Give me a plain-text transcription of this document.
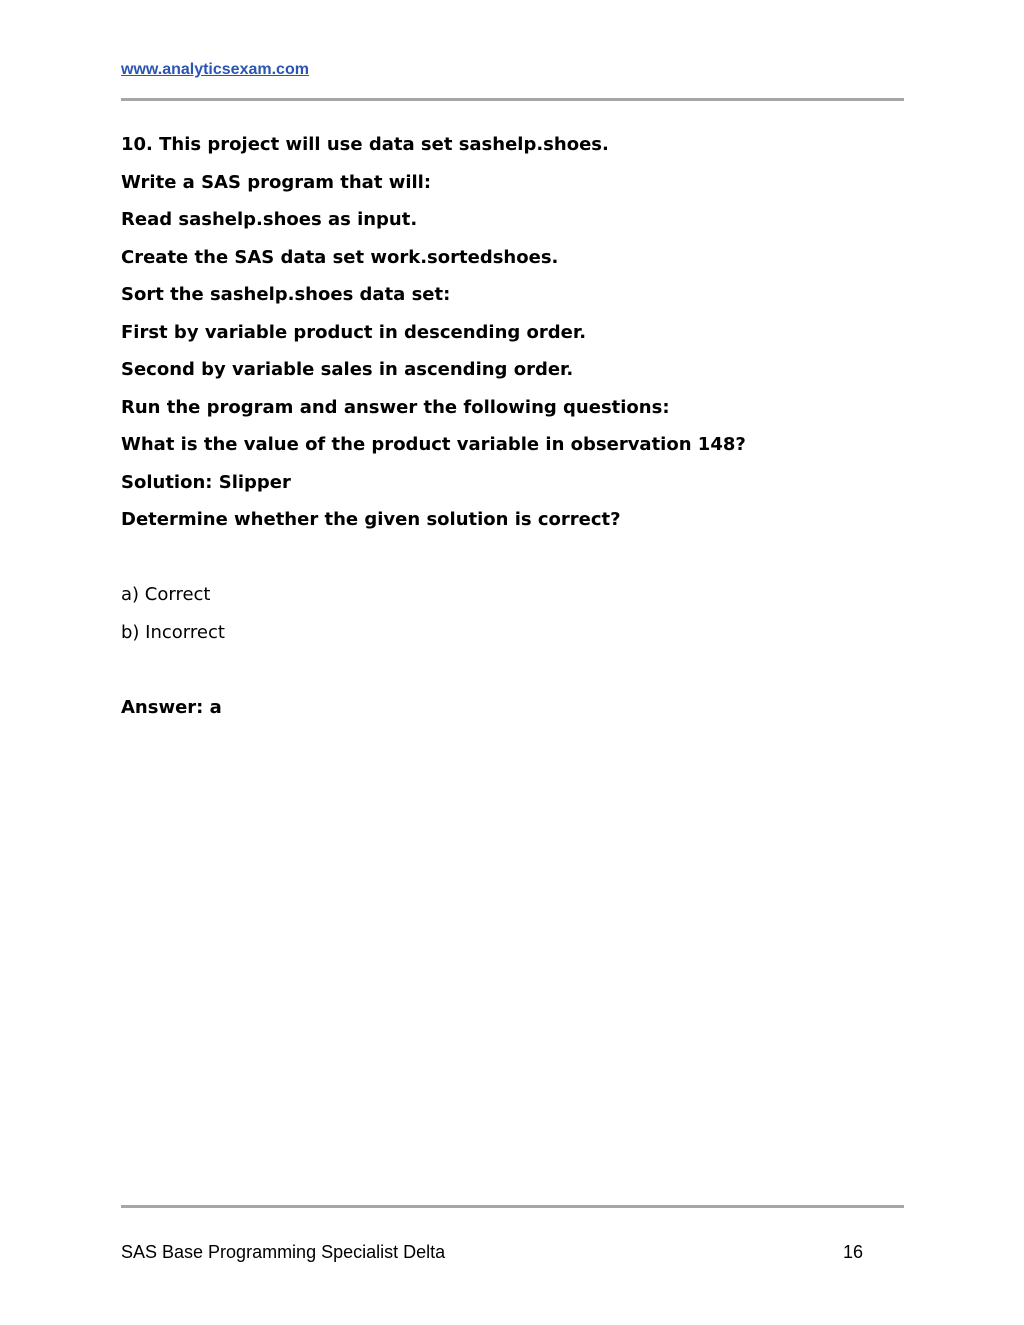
www.analyticsexam.com
10. This project will use data set sashelp.shoes.
Write a SAS program that will:
Read sashelp.shoes as input.
Create the SAS data set work.sortedshoes.
Sort the sashelp.shoes data set:
First by variable product in descending order.
Second by variable sales in ascending order.
Run the program and answer the following questions:
What is the value of the product variable in observation 148?
Solution: Slipper
Determine whether the given solution is correct?
a) Correct
b) Incorrect
Answer: a
SAS Base Programming Specialist Delta	16
